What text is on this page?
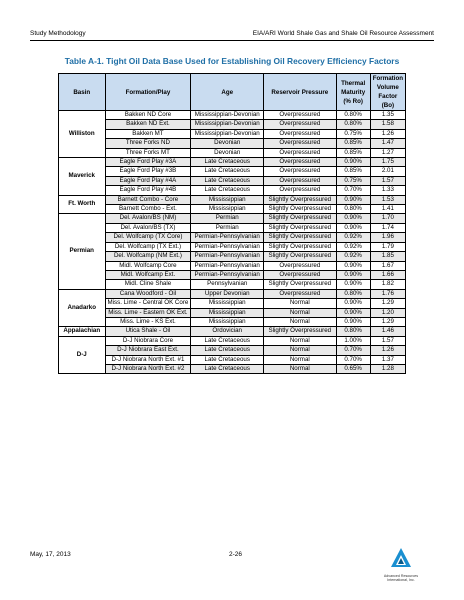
Study Methodology	EIA/ARI World Shale Gas and Shale Oil Resource Assessment
Table A-1. Tight Oil Data Base Used for Establishing Oil Recovery Efficiency Factors
Basin	Formation/Play	Age	Reservoir Pressure	Thermal Maturity (% Ro)	Formation Volume Factor (Bo)
Williston	Bakken ND Core	Mississippian-Devonian	Overpressured	0.80%	1.35
	Bakken ND Ext.	Mississippian-Devonian	Overpressured	0.80%	1.58
	Bakken MT	Mississippian-Devonian	Overpressured	0.75%	1.26
	Three Forks ND	Devonian	Overpressured	0.85%	1.47
	Three Forks MT	Devonian	Overpressured	0.85%	1.27
Maverick	Eagle Ford Play #3A	Late Cretaceous	Overpressured	0.90%	1.75
	Eagle Ford Play #3B	Late Cretaceous	Overpressured	0.85%	2.01
	Eagle Ford Play #4A	Late Cretaceous	Overpressured	0.75%	1.57
	Eagle Ford Play #4B	Late Cretaceous	Overpressured	0.70%	1.33
Ft. Worth	Barnett Combo - Core	Mississippian	Slightly Overpressured	0.90%	1.53
	Barnett Combo - Ext.	Mississippian	Slightly Overpressured	0.80%	1.41
Permian	Del. Avalon/BS (NM)	Permian	Slightly Overpressured	0.90%	1.70
	Del. Avalon/BS (TX)	Permian	Slightly Overpressured	0.90%	1.74
	Del. Wolfcamp (TX Core)	Permian-Pennsylvanian	Slightly Overpressured	0.92%	1.96
	Del. Wolfcamp (TX Ext.)	Permian-Pennsylvanian	Slightly Overpressured	0.92%	1.79
	Del. Wolfcamp (NM Ext.)	Permian-Pennsylvanian	Slightly Overpressured	0.92%	1.85
	Midl. Wolfcamp Core	Permian-Pennsylvanian	Overpressured	0.90%	1.67
	Midl. Wolfcamp Ext.	Permian-Pennsylvanian	Overpressured	0.90%	1.66
	Midl. Cline Shale	Pennsylvanian	Slightly Overpressured	0.90%	1.82
Anadarko	Cana Woodford - Oil	Upper Devonian	Overpressured	0.80%	1.76
	Miss. Lime - Central OK Core	Mississippian	Normal	0.90%	1.29
	Miss. Lime - Eastern OK Ext.	Mississippian	Normal	0.90%	1.20
	Miss. Lime - KS Ext.	Mississippian	Normal	0.90%	1.29
Appalachian	Utica Shale - Oil	Ordovician	Slightly Overpressured	0.80%	1.46
D-J	D-J Niobrara Core	Late Cretaceous	Normal	1.00%	1.57
	D-J Niobrara East Ext.	Late Cretaceous	Normal	0.70%	1.26
	D-J Niobrara North Ext. #1	Late Cretaceous	Normal	0.70%	1.37
	D-J Niobrara North Ext. #2	Late Cretaceous	Normal	0.65%	1.28
May, 17, 2013	2-26
Advanced Resources
International, Inc.
